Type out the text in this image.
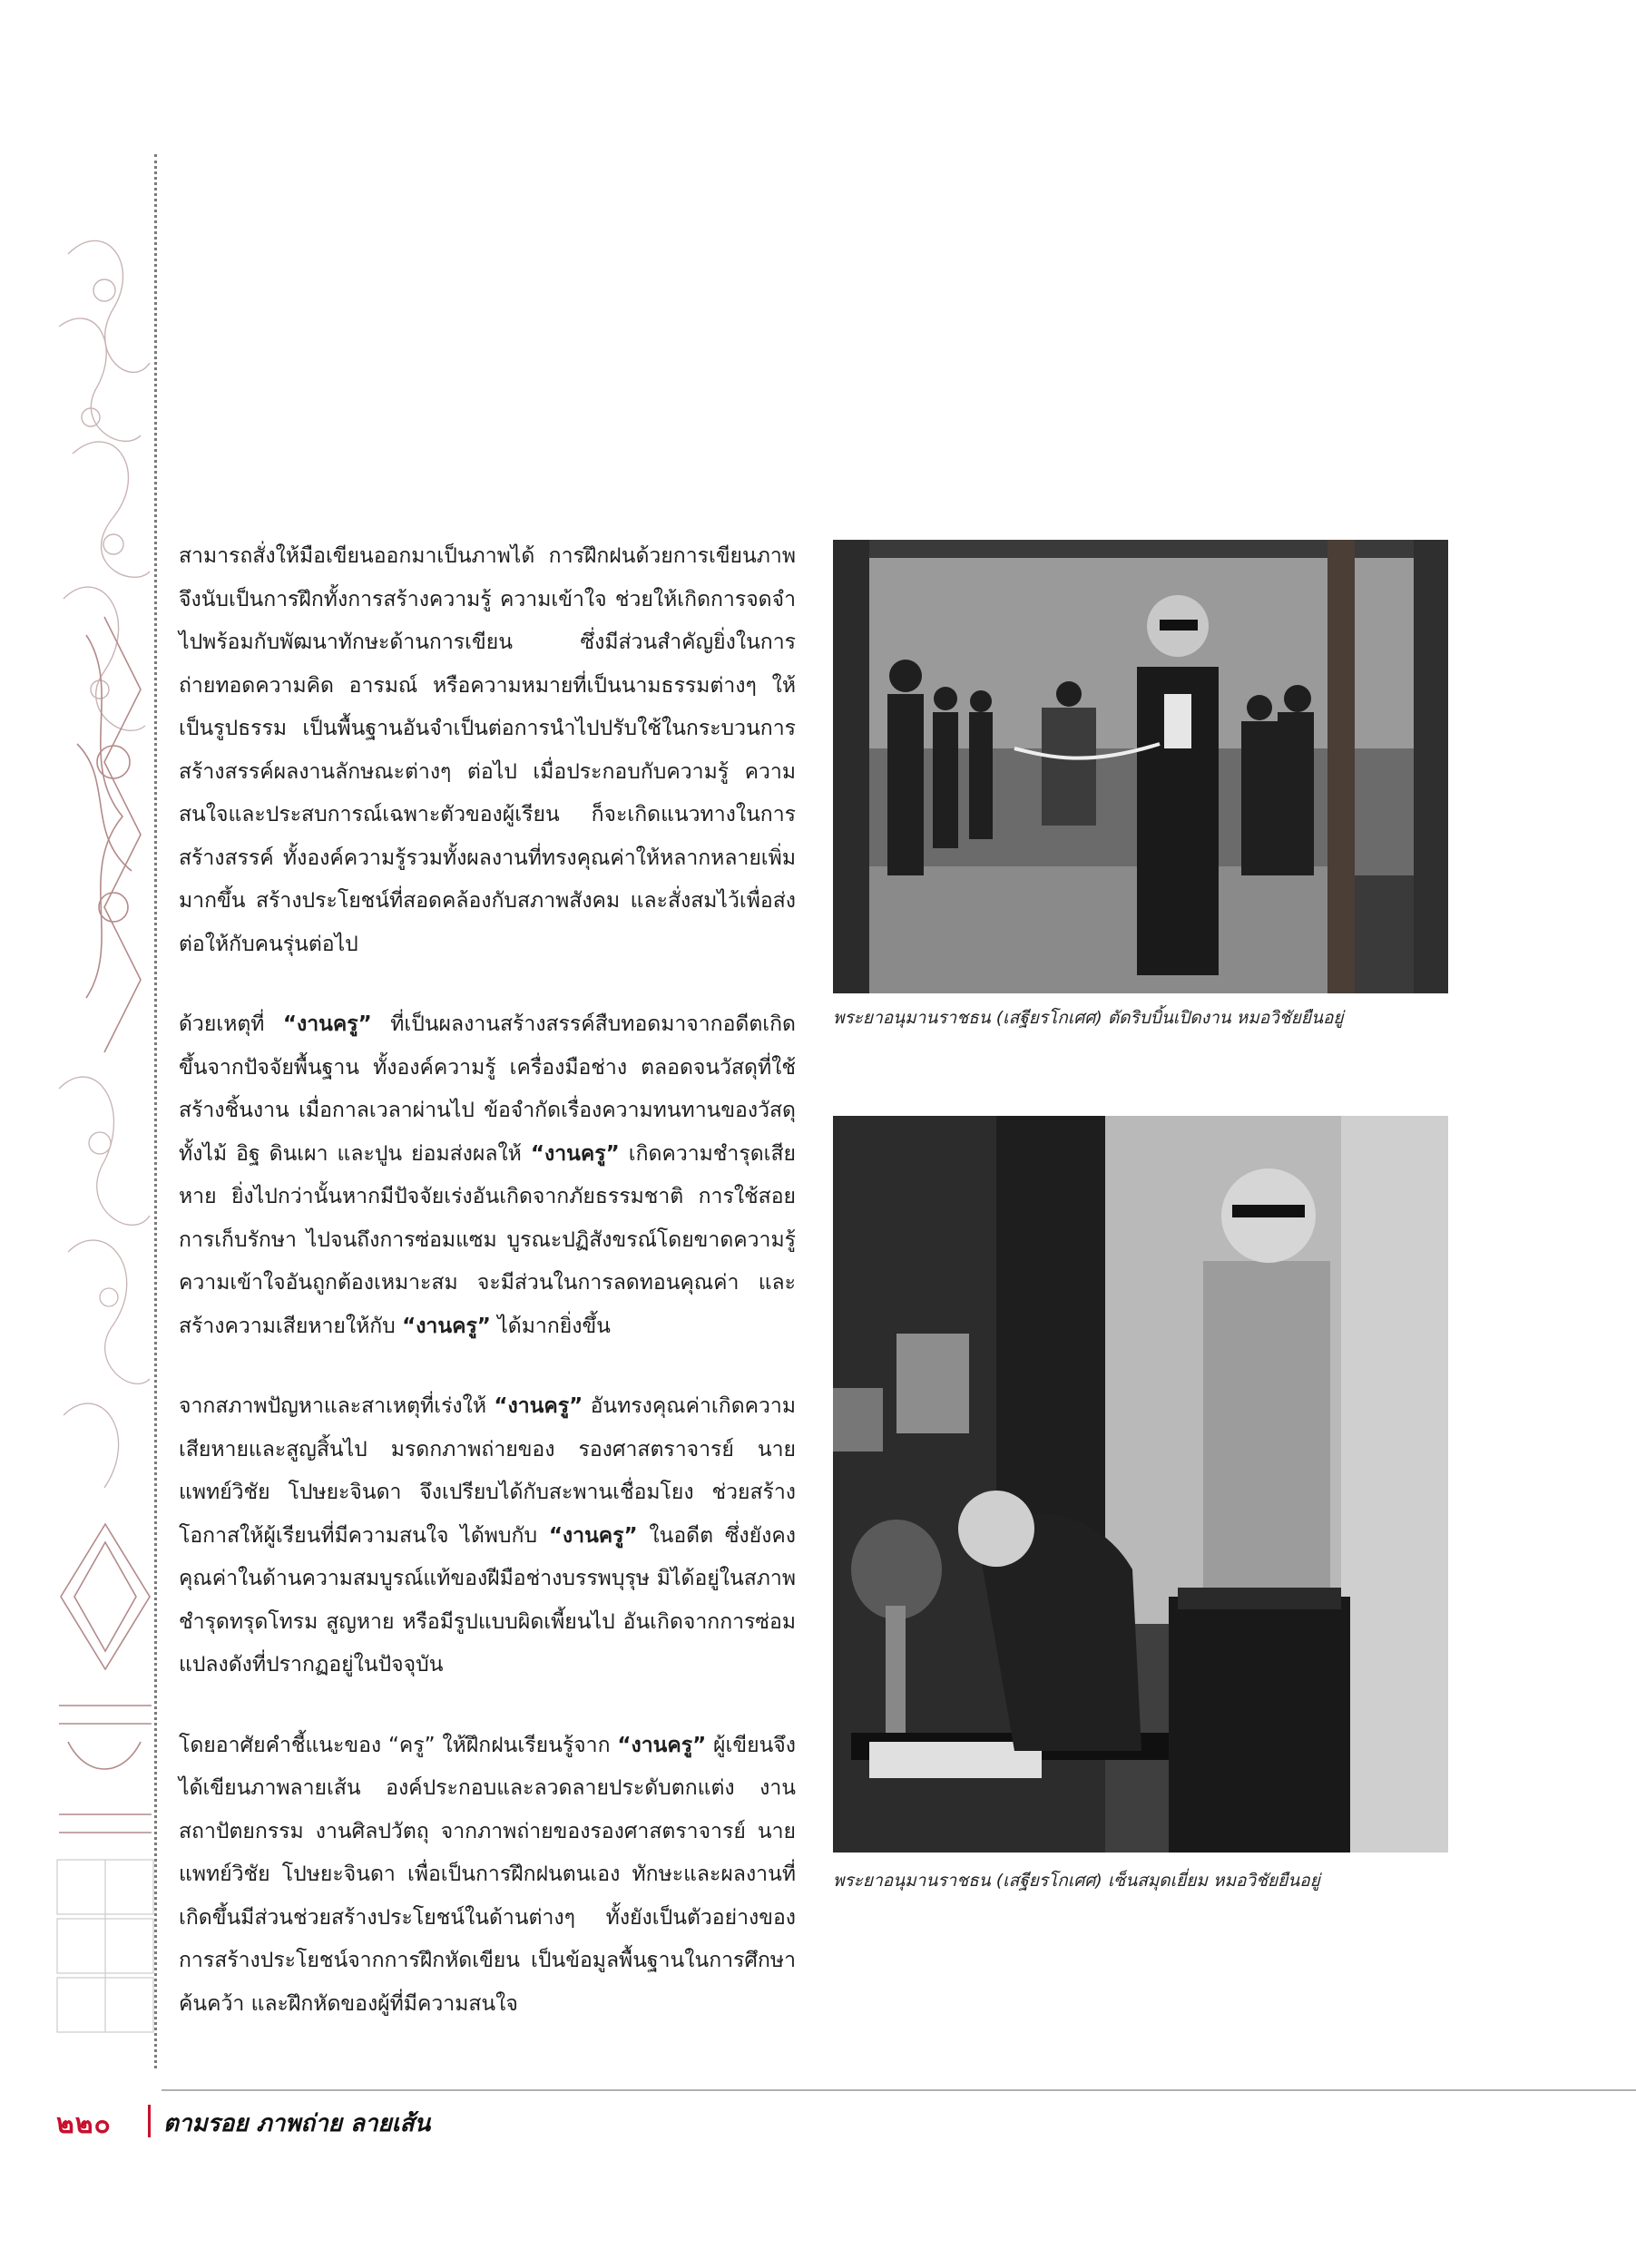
สามารถสั่งให้มือเขียนออกมาเป็นภาพได้ การฝึกฝนด้วยการเขียนภาพ จึงนับเป็นการฝึกทั้งการสร้างความรู้ ความเข้าใจ ช่วยให้เกิดการจดจำไปพร้อมกับพัฒนาทักษะด้านการเขียน ซึ่งมีส่วนสำคัญยิ่งในการถ่ายทอดความคิด อารมณ์ หรือความหมายที่เป็นนามธรรมต่างๆ ให้เป็นรูปธรรม เป็นพื้นฐานอันจำเป็นต่อการนำไปปรับใช้ในกระบวนการสร้างสรรค์ผลงานลักษณะต่างๆ ต่อไป เมื่อประกอบกับความรู้ ความสนใจและประสบการณ์เฉพาะตัวของผู้เรียน ก็จะเกิดแนวทางในการสร้างสรรค์ ทั้งองค์ความรู้รวมทั้งผลงานที่ทรงคุณค่าให้หลากหลายเพิ่มมากขึ้น สร้างประโยชน์ที่สอดคล้องกับสภาพสังคม และสั่งสมไว้เพื่อส่งต่อให้กับคนรุ่นต่อไป

ด้วยเหตุที่ “งานครู” ที่เป็นผลงานสร้างสรรค์สืบทอดมาจากอดีตเกิดขึ้นจากปัจจัยพื้นฐาน ทั้งองค์ความรู้ เครื่องมือช่าง ตลอดจนวัสดุที่ใช้สร้างชิ้นงาน เมื่อกาลเวลาผ่านไป ข้อจำกัดเรื่องความทนทานของวัสดุ ทั้งไม้ อิฐ ดินเผา และปูน ย่อมส่งผลให้ “งานครู” เกิดความชำรุดเสียหาย ยิ่งไปกว่านั้นหากมีปัจจัยเร่งอันเกิดจากภัยธรรมชาติ การใช้สอย การเก็บรักษา ไปจนถึงการซ่อมแซม บูรณะปฏิสังขรณ์โดยขาดความรู้ ความเข้าใจอันถูกต้องเหมาะสม จะมีส่วนในการลดทอนคุณค่า และสร้างความเสียหายให้กับ “งานครู” ได้มากยิ่งขึ้น

จากสภาพปัญหาและสาเหตุที่เร่งให้ “งานครู” อันทรงคุณค่าเกิดความเสียหายและสูญสิ้นไป มรดกภาพถ่ายของ รองศาสตราจารย์ นายแพทย์วิชัย โปษยะจินดา จึงเปรียบได้กับสะพานเชื่อมโยง ช่วยสร้างโอกาสให้ผู้เรียนที่มีความสนใจ ได้พบกับ “งานครู” ในอดีต ซึ่งยังคงคุณค่าในด้านความสมบูรณ์แท้ของฝีมือช่างบรรพบุรุษ มิได้อยู่ในสภาพชำรุดทรุดโทรม สูญหาย หรือมีรูปแบบผิดเพี้ยนไป อันเกิดจากการซ่อมแปลงดังที่ปรากฏอยู่ในปัจจุบัน

โดยอาศัยคำชี้แนะของ “ครู” ให้ฝึกฝนเรียนรู้จาก “งานครู” ผู้เขียนจึงได้เขียนภาพลายเส้น องค์ประกอบและลวดลายประดับตกแต่ง งานสถาปัตยกรรม งานศิลปวัตถุ จากภาพถ่ายของรองศาสตราจารย์ นายแพทย์วิชัย โปษยะจินดา เพื่อเป็นการฝึกฝนตนเอง ทักษะและผลงานที่เกิดขึ้นมีส่วนช่วยสร้างประโยชน์ในด้านต่างๆ ทั้งยังเป็นตัวอย่างของการสร้างประโยชน์จากการฝึกหัดเขียน เป็นข้อมูลพื้นฐานในการศึกษา ค้นคว้า และฝึกหัดของผู้ที่มีความสนใจ

พระยาอนุมานราชธน (เสฐียรโกเศศ) ตัดริบบิ้นเปิดงาน หมอวิชัยยืนอยู่
พระยาอนุมานราชธน (เสฐียรโกเศศ) เซ็นสมุดเยี่ยม หมอวิชัยยืนอยู่
๒๒๐ ตามรอย ภาพถ่าย ลายเส้น
